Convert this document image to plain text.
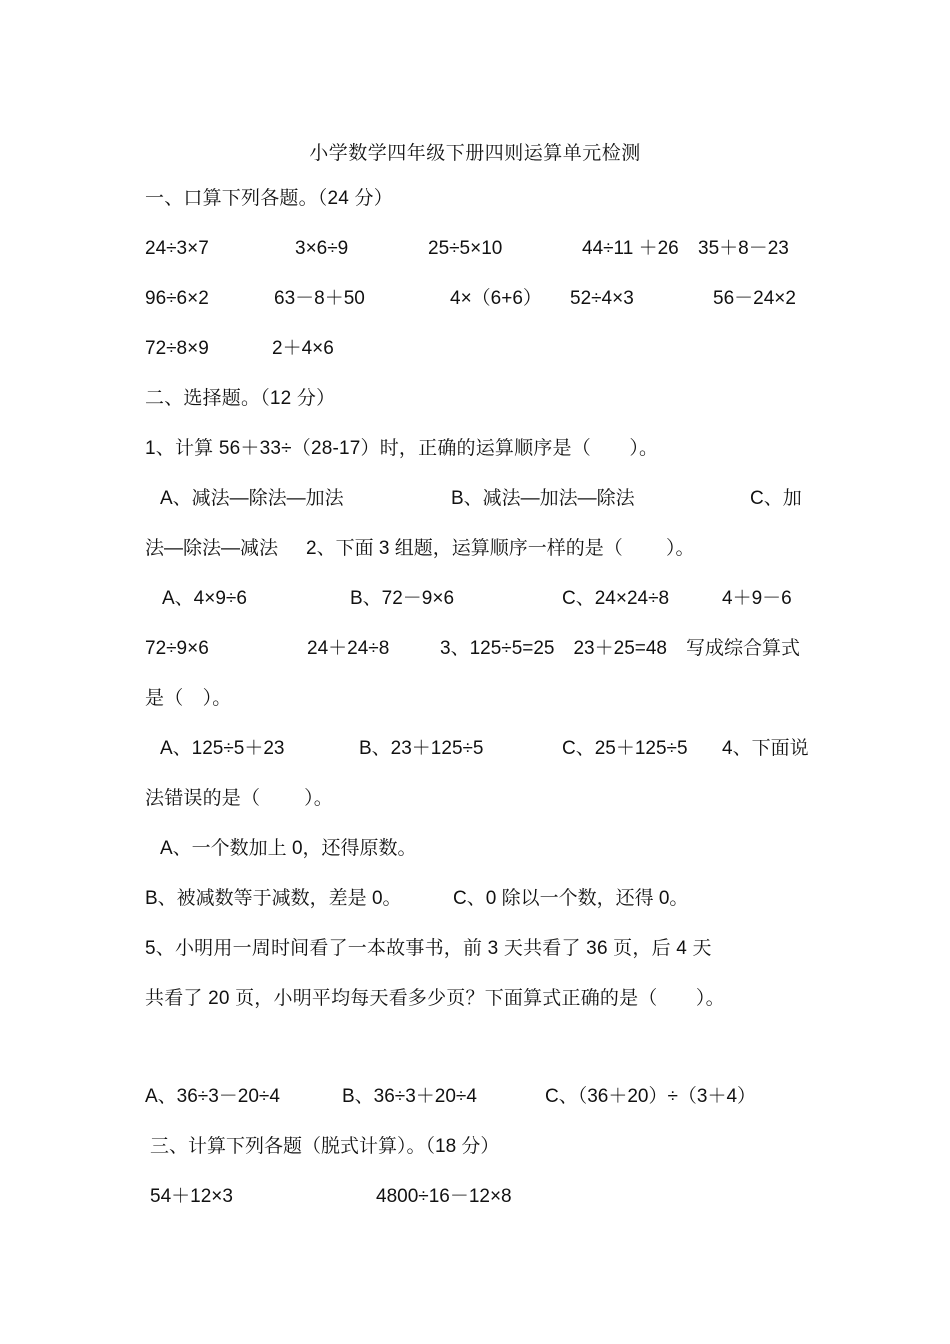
小学数学四年级下册四则运算单元检测
一、口算下列各题。（24 分）
24÷3×7	3×6÷9	25÷5×10	44÷11 ＋26 35＋8－23
96÷6×2	63－8＋50	4×（6+6） 52÷4×3	56－24×2
72÷8×9	2＋4×6
二、选择题。（12 分）
1、计算 56＋33÷（28-17）时，正确的运算顺序是（　　）。
A、减法—除法—加法	B、减法—加法—除法	C、加
法—除法—减法 2、下面 3 组题，运算顺序一样的是（　　 ）。
A、4×9÷6	B、72－9×6	C、24×24÷8	4＋9－6
72÷9×6	24＋24÷8	3、125÷5=25　23＋25=48　写成综合算式
是（　）。
A、125÷5＋23	B、23＋125÷5	C、25＋125÷5 4、下面说
法错误的是（　　 ）。
A、一个数加上 0，还得原数。
B、被减数等于减数，差是 0。	C、0 除以一个数，还得 0。
5、小明用一周时间看了一本故事书，前 3 天共看了 36 页，后 4 天
共看了 20 页，小明平均每天看多少页？下面算式正确的是（　　）。
A、36÷3－20÷4	B、36÷3＋20÷4	C、（36＋20）÷（3＋4）
三、计算下列各题（脱式计算）。（18 分）
54＋12×3	4800÷16－12×8
